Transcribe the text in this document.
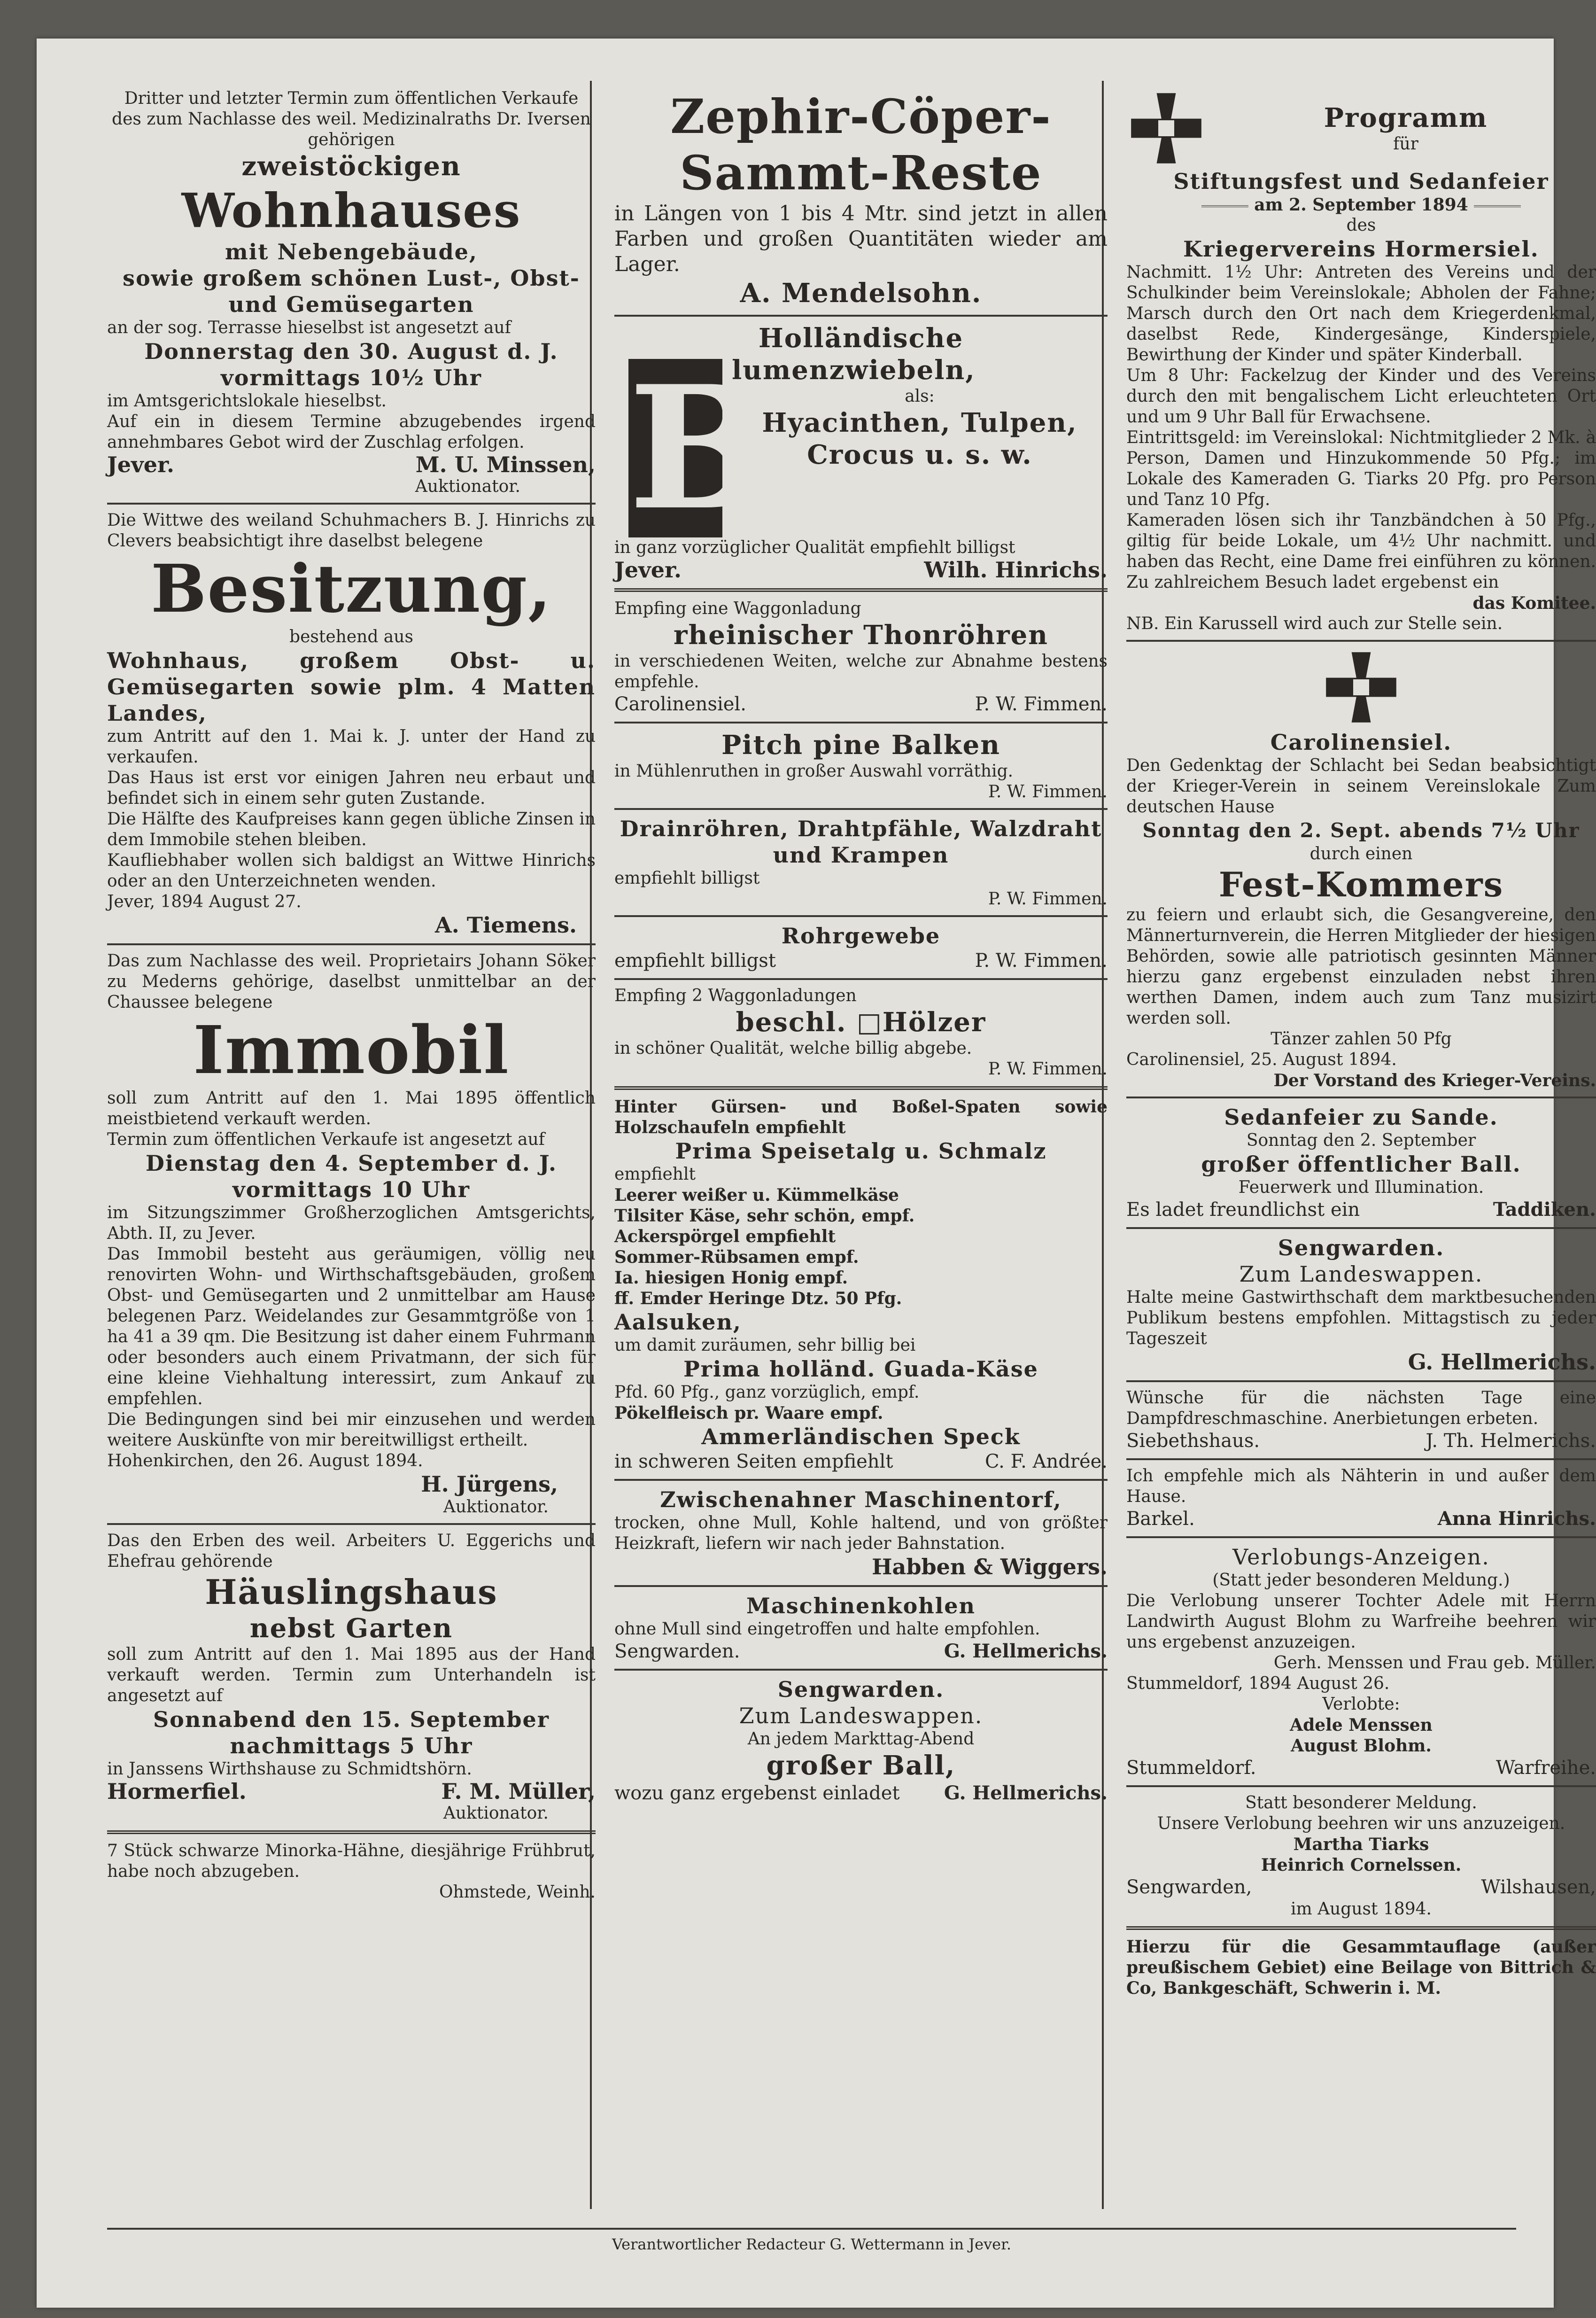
Dritter und letzter Termin zum öffentlichen Verkaufe des zum Nachlasse des weil. Medizinalraths Dr. Iversen gehörigen
zweistöckigen
Wohnhauses
mit Nebengebäude,
sowie großem schönen Lust-, Obst- und Gemüsegarten
an der sog. Terrasse hieselbst ist angesetzt auf
Donnerstag den 30. August d. J.
vormittags 10½ Uhr
im Amtsgerichtslokale hieselbst.
Auf ein in diesem Termine abzugebendes irgend annehmbares Gebot wird der Zuschlag erfolgen.
Jever.	M. U. Minssen,
Auktionator.
Die Wittwe des weiland Schuhmachers B. J. Hinrichs zu Clevers beabsichtigt ihre daselbst belegene
Besitzung,
bestehend aus
Wohnhaus, großem Obst- u. Gemüsegarten sowie plm. 4 Matten Landes,
zum Antritt auf den 1. Mai k. J. unter der Hand zu verkaufen.
Das Haus ist erst vor einigen Jahren neu erbaut und befindet sich in einem sehr guten Zustande.
Die Hälfte des Kaufpreises kann gegen übliche Zinsen in dem Immobile stehen bleiben.
Kaufliebhaber wollen sich baldigst an Wittwe Hinrichs oder an den Unterzeichneten wenden.
Jever, 1894 August 27.
A. Tiemens.
Das zum Nachlasse des weil. Proprietairs Johann Söker zu Mederns gehörige, daselbst unmittelbar an der Chaussee belegene
Immobil
soll zum Antritt auf den 1. Mai 1895 öffentlich meistbietend verkauft werden.
Termin zum öffentlichen Verkaufe ist angesetzt auf
Dienstag den 4. September d. J.
vormittags 10 Uhr
im Sitzungszimmer Großherzoglichen Amtsgerichts, Abth. II, zu Jever.
Das Immobil besteht aus geräumigen, völlig neu renovirten Wohn- und Wirthschaftsgebäuden, großem Obst- und Gemüsegarten und 2 unmittelbar am Hause belegenen Parz. Weidelandes zur Gesammtgröße von 1 ha 41 a 39 qm. Die Besitzung ist daher einem Fuhrmann oder besonders auch einem Privatmann, der sich für eine kleine Viehhaltung interessirt, zum Ankauf zu empfehlen.
Die Bedingungen sind bei mir einzusehen und werden weitere Auskünfte von mir bereitwilligst ertheilt.
Hohenkirchen, den 26. August 1894.
H. Jürgens,
Auktionator.
Das den Erben des weil. Arbeiters U. Eggerichs und Ehefrau gehörende
Häuslingshaus
nebst Garten
soll zum Antritt auf den 1. Mai 1895 aus der Hand verkauft werden. Termin zum Unterhandeln ist angesetzt auf
Sonnabend den 15. September
nachmittags 5 Uhr
in Janssens Wirthshause zu Schmidtshörn.
Hormerfiel.	F. M. Müller,
Auktionator.
7 Stück schwarze Minorka-Hähne, diesjährige Frühbrut, habe noch abzugeben.
Ohmstede, Weinh.
Zephir-Cöper-Sammt-Reste
in Längen von 1 bis 4 Mtr. sind jetzt in allen Farben und großen Quantitäten wieder am Lager.
A. Mendelsohn.
Holländische
B
lumenzwiebeln,
als:
Hyacinthen, Tulpen, Crocus u. s. w.
in ganz vorzüglicher Qualität empfiehlt billigst
Jever.	Wilh. Hinrichs.
Empfing eine Waggonladung
rheinischer Thonröhren
in verschiedenen Weiten, welche zur Abnahme bestens empfehle.
Carolinensiel.	P. W. Fimmen.
Pitch pine Balken
in Mühlenruthen in großer Auswahl vorräthig.
P. W. Fimmen.
Drainröhren, Drahtpfähle, Walzdraht und Krampen
empfiehlt billigst
P. W. Fimmen.
Rohrgewebe
empfiehlt billigst	P. W. Fimmen.
Empfing 2 Waggonladungen
beschl. □Hölzer
in schöner Qualität, welche billig abgebe.
P. W. Fimmen.
Hinter Gürsen- und Boßel-Spaten sowie Holzschaufeln empfiehlt
Prima Speisetalg u. Schmalz
empfiehlt
Leerer weißer u. Kümmelkäse
Tilsiter Käse, sehr schön, empf.
Ackerspörgel empfiehlt
Sommer-Rübsamen empf.
Ia. hiesigen Honig empf.
ff. Emder Heringe Dtz. 50 Pfg.
Aalsuken,
um damit zuräumen, sehr billig bei
Prima holländ. Guada-Käse
Pfd. 60 Pfg., ganz vorzüglich, empf.
Pökelfleisch pr. Waare empf.
Ammerländischen Speck
in schweren Seiten empfiehlt	C. F. Andrée.
Zwischenahner Maschinentorf,
trocken, ohne Mull, Kohle haltend, und von größter Heizkraft, liefern wir nach jeder Bahnstation.
Habben & Wiggers.
Maschinenkohlen
ohne Mull sind eingetroffen und halte empfohlen.
Sengwarden.	G. Hellmerichs.
Sengwarden.
Zum Landeswappen.
An jedem Markttag-Abend
großer Ball,
wozu ganz ergebenst einladet G. Hellmerichs.
Programm
für
Stiftungsfest und Sedanfeier
am 2. September 1894
des
Kriegervereins Hormersiel.
Nachmitt. 1½ Uhr: Antreten des Vereins und der Schulkinder beim Vereinslokale; Abholen der Fahne; Marsch durch den Ort nach dem Kriegerdenkmal, daselbst Rede, Kindergesänge, Kinderspiele, Bewirthung der Kinder und später Kinderball.
Um 8 Uhr: Fackelzug der Kinder und des Vereins durch den mit bengalischem Licht erleuchteten Ort und um 9 Uhr Ball für Erwachsene.
Eintrittsgeld: im Vereinslokal: Nichtmitglieder 2 Mk. à Person, Damen und Hinzukommende 50 Pfg.; im Lokale des Kameraden G. Tiarks 20 Pfg. pro Person und Tanz 10 Pfg.
Kameraden lösen sich ihr Tanzbändchen à 50 Pfg., giltig für beide Lokale, um 4½ Uhr nachmitt. und haben das Recht, eine Dame frei einführen zu können. Zu zahlreichem Besuch ladet ergebenst ein
das Komitee.
NB. Ein Karussell wird auch zur Stelle sein.
Carolinensiel.
Den Gedenktag der Schlacht bei Sedan beabsichtigt der Krieger-Verein in seinem Vereinslokale Zum deutschen Hause
Sonntag den 2. Sept. abends 7½ Uhr
durch einen
Fest-Kommers
zu feiern und erlaubt sich, die Gesangvereine, den Männerturnverein, die Herren Mitglieder der hiesigen Behörden, sowie alle patriotisch gesinnten Männer hierzu ganz ergebenst einzuladen nebst ihren werthen Damen, indem auch zum Tanz musizirt werden soll.
Tänzer zahlen 50 Pfg
Carolinensiel, 25. August 1894.
Der Vorstand des Krieger-Vereins.
Sedanfeier zu Sande.
Sonntag den 2. September
großer öffentlicher Ball.
Feuerwerk und Illumination.
Es ladet freundlichst ein	Taddiken.
Sengwarden.
Zum Landeswappen.
Halte meine Gastwirthschaft dem marktbesuchenden Publikum bestens empfohlen. Mittagstisch zu jeder Tageszeit
G. Hellmerichs.
Wünsche für die nächsten Tage eine Dampfdreschmaschine. Anerbietungen erbeten.
Siebethshaus.	J. Th. Helmerichs.
Ich empfehle mich als Nähterin in und außer dem Hause.
Barkel.	Anna Hinrichs.
Verlobungs-Anzeigen.
(Statt jeder besonderen Meldung.)
Die Verlobung unserer Tochter Adele mit Herrn Landwirth August Blohm zu Warfreihe beehren wir uns ergebenst anzuzeigen.
Gerh. Menssen und Frau geb. Müller.
Stummeldorf, 1894 August 26.
Verlobte:
Adele Menssen
August Blohm.
Stummeldorf.	Warfreihe.
Statt besonderer Meldung.
Unsere Verlobung beehren wir uns anzuzeigen.
Martha Tiarks
Heinrich Cornelssen.
Sengwarden,	Wilshausen,
im August 1894.
Hierzu für die Gesammtauflage (außer preußischem Gebiet) eine Beilage von Bittrich & Co, Bankgeschäft, Schwerin i. M.
Verantwortlicher Redacteur G. Wettermann in Jever.
